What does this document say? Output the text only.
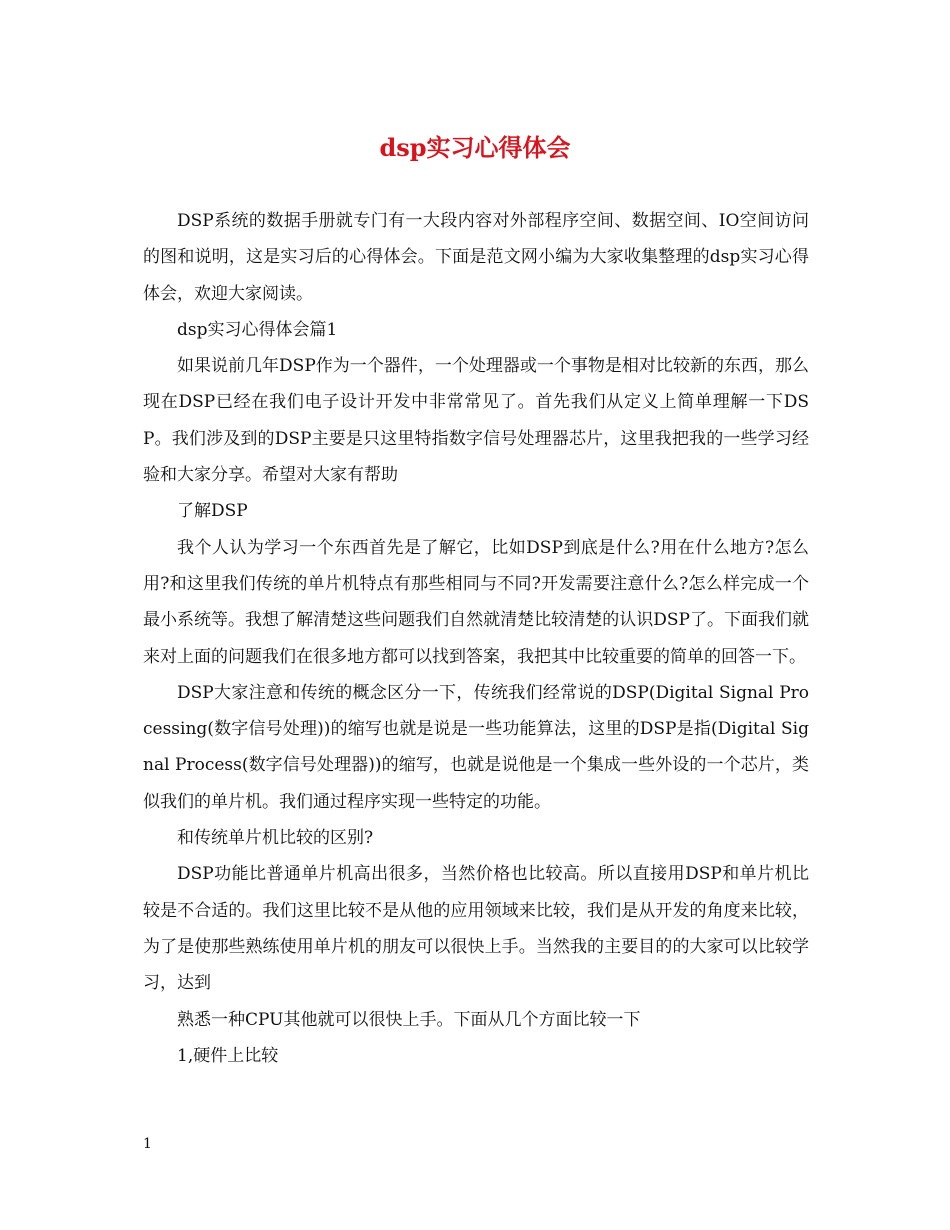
dsp实习心得体会

DSP系统的数据手册就专门有一大段内容对外部程序空间、数据空间、IO空间访问的图和说明，这是实习后的心得体会。下面是范文网小编为大家收集整理的dsp实习心得体会，欢迎大家阅读。

dsp实习心得体会篇1

如果说前几年DSP作为一个器件，一个处理器或一个事物是相对比较新的东西，那么现在DSP已经在我们电子设计开发中非常常见了。首先我们从定义上简单理解一下DSP。我们涉及到的DSP主要是只这里特指数字信号处理器芯片，这里我把我的一些学习经验和大家分享。希望对大家有帮助

了解DSP

我个人认为学习一个东西首先是了解它，比如DSP到底是什么?用在什么地方?怎么用?和这里我们传统的单片机特点有那些相同与不同?开发需要注意什么?怎么样完成一个最小系统等。我想了解清楚这些问题我们自然就清楚比较清楚的认识DSP了。下面我们就来对上面的问题我们在很多地方都可以找到答案，我把其中比较重要的简单的回答一下。

DSP大家注意和传统的概念区分一下，传统我们经常说的DSP(Digital Signal Processing(数字信号处理))的缩写也就是说是一些功能算法，这里的DSP是指(Digital Signal Process(数字信号处理器))的缩写，也就是说他是一个集成一些外设的一个芯片，类似我们的单片机。我们通过程序实现一些特定的功能。

和传统单片机比较的区别?

DSP功能比普通单片机高出很多，当然价格也比较高。所以直接用DSP和单片机比较是不合适的。我们这里比较不是从他的应用领域来比较，我们是从开发的角度来比较，为了是使那些熟练使用单片机的朋友可以很快上手。当然我的主要目的的大家可以比较学习，达到

熟悉一种CPU其他就可以很快上手。下面从几个方面比较一下

1,硬件上比较

1
